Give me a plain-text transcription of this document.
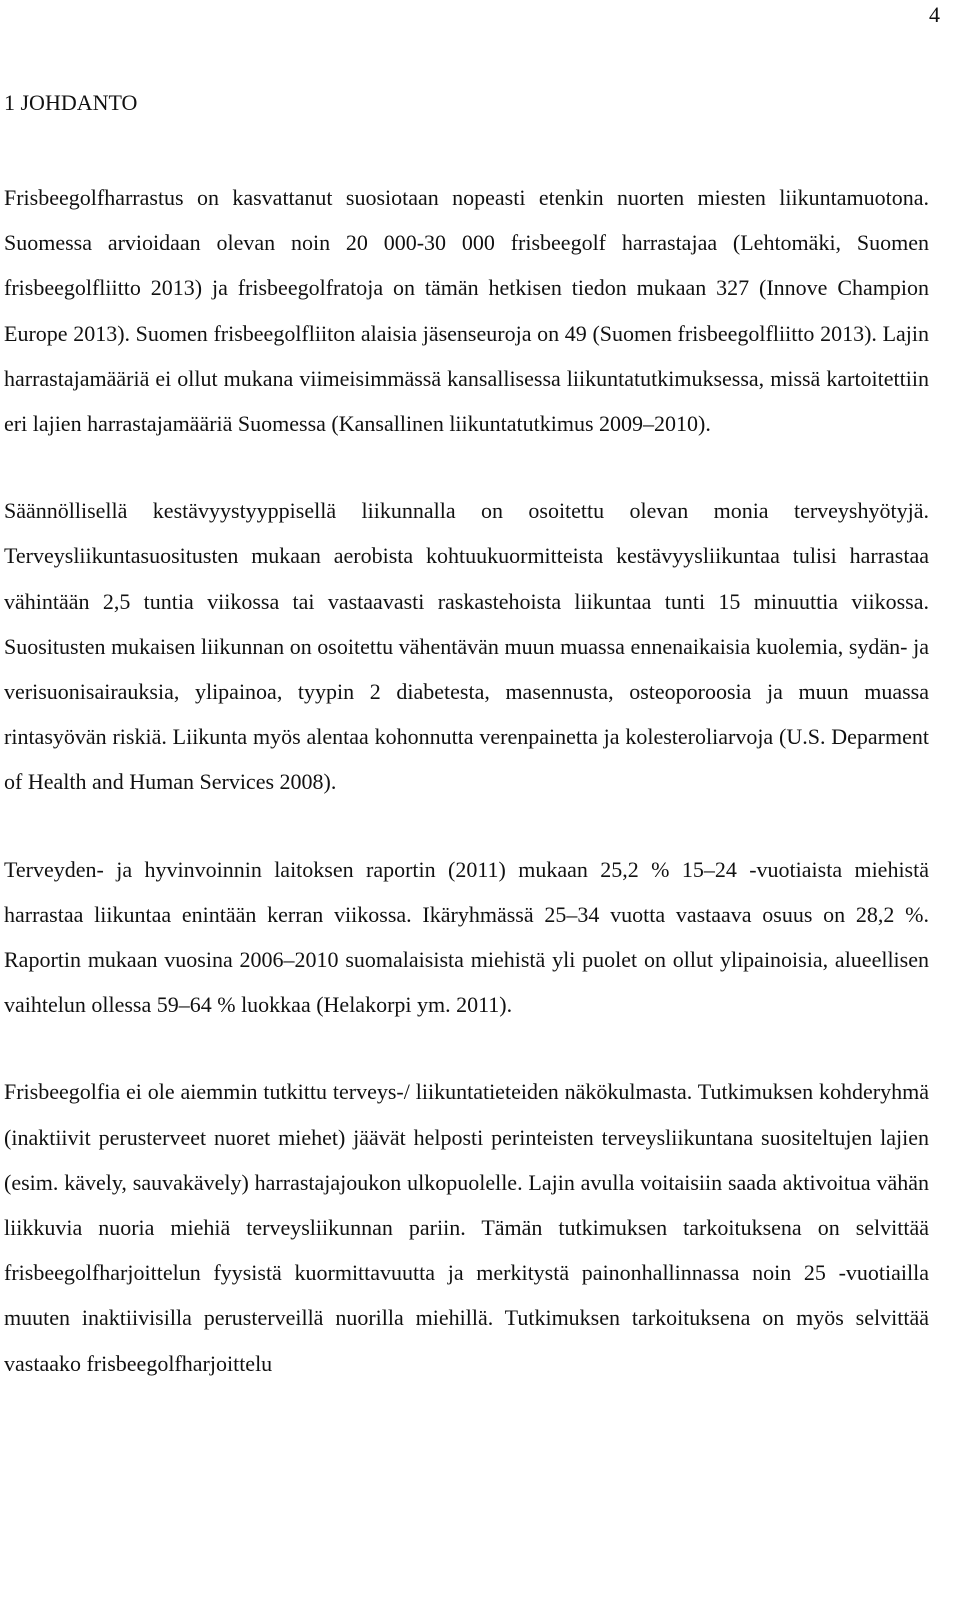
4
1 JOHDANTO

Frisbeegolfharrastus on kasvattanut suosiotaan nopeasti etenkin nuorten miesten liikuntamuotona. Suomessa arvioidaan olevan noin 20 000-30 000 frisbeegolf harrastajaa (Lehtomäki, Suomen frisbeegolfliitto 2013) ja frisbeegolfratoja on tämän hetkisen tiedon mukaan 327 (Innove Champion Europe 2013). Suomen frisbeegolfliiton alaisia jäsenseuroja on 49 (Suomen frisbeegolfliitto 2013). Lajin harrastajamääriä ei ollut mukana viimeisimmässä kansallisessa liikuntatutkimuksessa, missä kartoitettiin eri lajien harrastajamääriä Suomessa (Kansallinen liikuntatutkimus 2009–2010).

Säännöllisellä kestävyystyyppisellä liikunnalla on osoitettu olevan monia terveyshyötyjä. Terveysliikuntasuositusten mukaan aerobista kohtuukuormitteista kestävyysliikuntaa tulisi harrastaa vähintään 2,5 tuntia viikossa tai vastaavasti raskastehoista liikuntaa tunti 15 minuuttia viikossa. Suositusten mukaisen liikunnan on osoitettu vähentävän muun muassa ennenaikaisia kuolemia, sydän- ja verisuonisairauksia, ylipainoa, tyypin 2 diabetesta, masennusta, osteoporoosia ja muun muassa rintasyövän riskiä. Liikunta myös alentaa kohonnutta verenpainetta ja kolesteroliarvoja (U.S. Deparment of Health and Human Services 2008).

Terveyden- ja hyvinvoinnin laitoksen raportin (2011) mukaan 25,2 % 15–24 -vuotiaista miehistä harrastaa liikuntaa enintään kerran viikossa. Ikäryhmässä 25–34 vuotta vastaava osuus on 28,2 %. Raportin mukaan vuosina 2006–2010 suomalaisista miehistä yli puolet on ollut ylipainoisia, alueellisen vaihtelun ollessa 59–64 % luokkaa (Helakorpi ym. 2011).

Frisbeegolfia ei ole aiemmin tutkittu terveys-/ liikuntatieteiden näkökulmasta. Tutkimuksen kohderyhmä (inaktiivit perusterveet nuoret miehet) jäävät helposti perinteisten terveysliikuntana suositeltujen lajien (esim. kävely, sauvakävely) harrastajajoukon ulkopuolelle. Lajin avulla voitaisiin saada aktivoitua vähän liikkuvia nuoria miehiä terveysliikunnan pariin. Tämän tutkimuksen tarkoituksena on selvittää frisbeegolfharjoittelun fyysistä kuormittavuutta ja merkitystä painonhallinnassa noin 25 -vuotiailla muuten inaktiivisilla perusterveillä nuorilla miehillä. Tutkimuksen tarkoituksena on myös selvittää vastaako frisbeegolfharjoittelu
